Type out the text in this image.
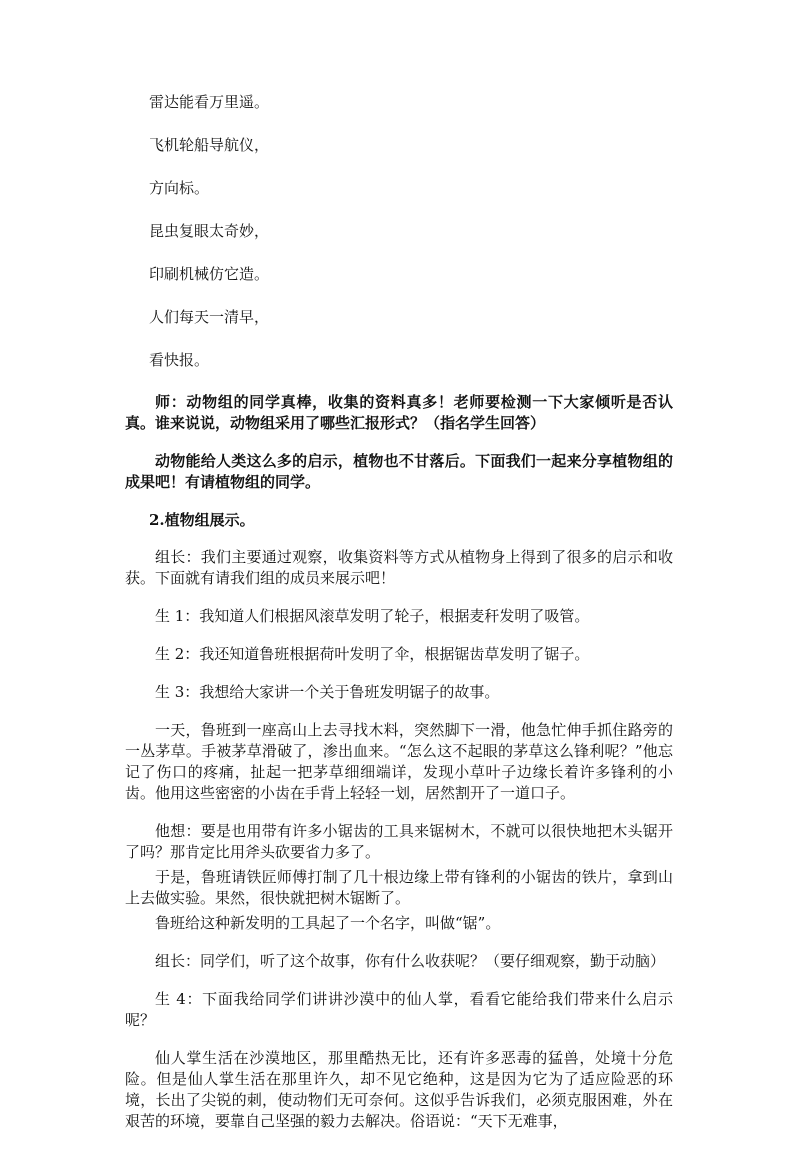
雷达能看万里遥。

飞机轮船导航仪，

方向标。

昆虫复眼太奇妙，

印刷机械仿它造。

人们每天一清早，

看快报。

师：动物组的同学真棒，收集的资料真多！老师要检测一下大家倾听是否认真。谁来说说，动物组采用了哪些汇报形式？（指名学生回答）

动物能给人类这么多的启示，植物也不甘落后。下面我们一起来分享植物组的成果吧！有请植物组的同学。

2.植物组展示。

组长：我们主要通过观察，收集资料等方式从植物身上得到了很多的启示和收获。下面就有请我们组的成员来展示吧！

生 1：我知道人们根据风滚草发明了轮子，根据麦秆发明了吸管。

生 2：我还知道鲁班根据荷叶发明了伞，根据锯齿草发明了锯子。

生 3：我想给大家讲一个关于鲁班发明锯子的故事。

一天，鲁班到一座高山上去寻找木料，突然脚下一滑，他急忙伸手抓住路旁的一丛茅草。手被茅草滑破了，渗出血来。“怎么这不起眼的茅草这么锋利呢？”他忘记了伤口的疼痛，扯起一把茅草细细端详，发现小草叶子边缘长着许多锋利的小齿。他用这些密密的小齿在手背上轻轻一划，居然割开了一道口子。

他想：要是也用带有许多小锯齿的工具来锯树木，不就可以很快地把木头锯开了吗？那肯定比用斧头砍要省力多了。

于是，鲁班请铁匠师傅打制了几十根边缘上带有锋利的小锯齿的铁片，拿到山上去做实验。果然，很快就把树木锯断了。

鲁班给这种新发明的工具起了一个名字，叫做“锯”。

组长：同学们，听了这个故事，你有什么收获呢？（要仔细观察，勤于动脑）

生 4：下面我给同学们讲讲沙漠中的仙人掌，看看它能给我们带来什么启示呢？

仙人掌生活在沙漠地区，那里酷热无比，还有许多恶毒的猛兽，处境十分危险。但是仙人掌生活在那里许久，却不见它绝种，这是因为它为了适应险恶的环境，长出了尖锐的刺，使动物们无可奈何。这似乎告诉我们，必须克服困难，外在艰苦的环境，要靠自己坚强的毅力去解决。俗语说：“天下无难事，
